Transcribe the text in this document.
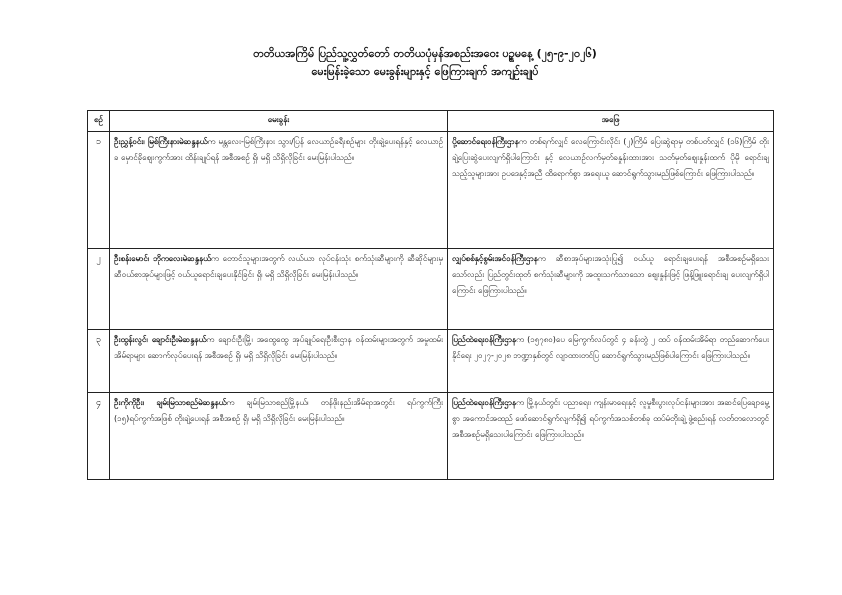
တတိယအကြိမ် ပြည်သူ့လွှတ်တော် တတိယပုံမှန်အစည်းအဝေး ပဥ္စမနေ့ (၂၅-၉-၂၀၂၆)
မေးမြန်းခဲ့သော မေးခွန်းများနှင့် ဖြေကြားချက် အကျဉ်းချုပ်
စဉ်	မေးခွန်း	အဖြေ
၁	ဦးညွှန့်ဝင်း၊ မြစ်ကြီးနားမဲဆန္ဒနယ်က မန္တလေး-မြစ်ကြီးနား သွား/ပြန် လေယာဉ်ခရီးစဉ်များ တိုးချဲ့ပေးရန်နှင့် လေယာဉ်ခ မှောင်ခိုဈေးကွက်အား ထိန်းချုပ်ရန် အစီအစဉ် ရှိ၊ မရှိ သိရှိလိုခြင်း မေးမြန်းပါသည်။	ပို့ဆောင်ရေးဝန်ကြီးဌာနက တစ်ရက်လျှင် လေကြောင်းလိုင်း (၂)ကြိမ် ပြေးဆွဲရာမှ တစ်ပတ်လျှင် (၁၆)ကြိမ် တိုးချဲ့ပြေးဆွဲပေးလျက်ရှိပါကြောင်း နှင့် လေယာဉ်လက်မှတ်ခနှုန်းထားအား သတ်မှတ်ဈေးနှုန်းထက် ပိုမို ရောင်းချသည့်သူများအား ဥပဒေနှင့်အညီ ထိရောက်စွာ အရေးယူ ဆောင်ရွက်သွားမည်ဖြစ်ကြောင်း ဖြေကြားပါသည်။
၂	ဦးစန်းမောင်၊ ဘိုကလေးမဲဆန္ဒနယ်က တောင်သူများအတွက် လယ်ယာ လုပ်ငန်းသုံး စက်သုံးဆီများကို ဆီဆိုင်များမှ ဆီဝယ်စာအုပ်များဖြင့် ဝယ်ယူရောင်းချပေးနိုင်ခြင်း ရှိ၊ မရှိ သိရှိလိုခြင်း မေးမြန်းပါသည်။	လျှပ်စစ်နှင့်စွမ်းအင်ဝန်ကြီးဌာနက ဆီစာအုပ်များအသုံးပြု၍ ဝယ်ယူ ရောင်းချပေးရန် အစီအစဉ်မရှိသေးသော်လည်း ပြည်တွင်းထုတ် စက်သုံးဆီများကို အထူးသက်သာသော ဈေးနှုန်းဖြင့် ဖြန့်ဖြူးရောင်းချ ပေးလျက်ရှိပါကြောင်း ဖြေကြားပါသည်။
၃	ဦးထွန်းလွင်၊ ချောင်းဦးမဲဆန္ဒနယ်က ချောင်းဦးမြို့၊ အထွေထွေ အုပ်ချုပ်ရေးဦးစီးဌာန ဝန်ထမ်းများအတွက် အမှုထမ်းအိမ်ရာများ ဆောက်လုပ်ပေးရန် အစီအစဉ် ရှိ၊ မရှိ သိရှိလိုခြင်း မေးမြန်းပါသည်။	ပြည်ထဲရေးဝန်ကြီးဌာနက (၁၅၇၈၀)ပေ မြေကွက်လပ်တွင် ၄ ခန်းတွဲ ၂ ထပ် ဝန်ထမ်းအိမ်ရာ တည်ဆောက်ပေးနိုင်ရေး ၂၀၂၇-၂၀၂၈ ဘဏ္ဍာနှစ်တွင် လျာထားတင်ပြ ဆောင်ရွက်သွားမည်ဖြစ်ပါကြောင်း ဖြေကြားပါသည်။
၄	ဦးကိုကိုဦး၊ ချမ်းမြသာစည်မဲဆန္ဒနယ်က ချမ်းမြသာစည်မြို့နယ်၊ တန်ဖိုးနည်းအိမ်ရာအတွင်း ရပ်ကွက်ကြီး (၁၅)ရပ်ကွက်အဖြစ် တိုးချဲ့ပေးရန် အစီအစဉ် ရှိ၊ မရှိ သိရှိလိုခြင်း မေးမြန်းပါသည်။	ပြည်ထဲရေးဝန်ကြီးဌာနက မြို့နယ်တွင်း ပညာရေး၊ ကျန်းမာရေးနှင့် လူမှုစီးပွားလုပ်ငန်းများအား အဆင်ပြေချောမွေ့စွာ အကောင်အထည် ဖော်ဆောင်ရွက်လျက်ရှိ၍ ရပ်ကွက်အသစ်တစ်ခု ထပ်မံတိုးချဲ့ ဖွဲ့စည်းရန် လတ်တလောတွင် အစီအစဉ်မရှိသေးပါကြောင်း ဖြေကြားပါသည်။
